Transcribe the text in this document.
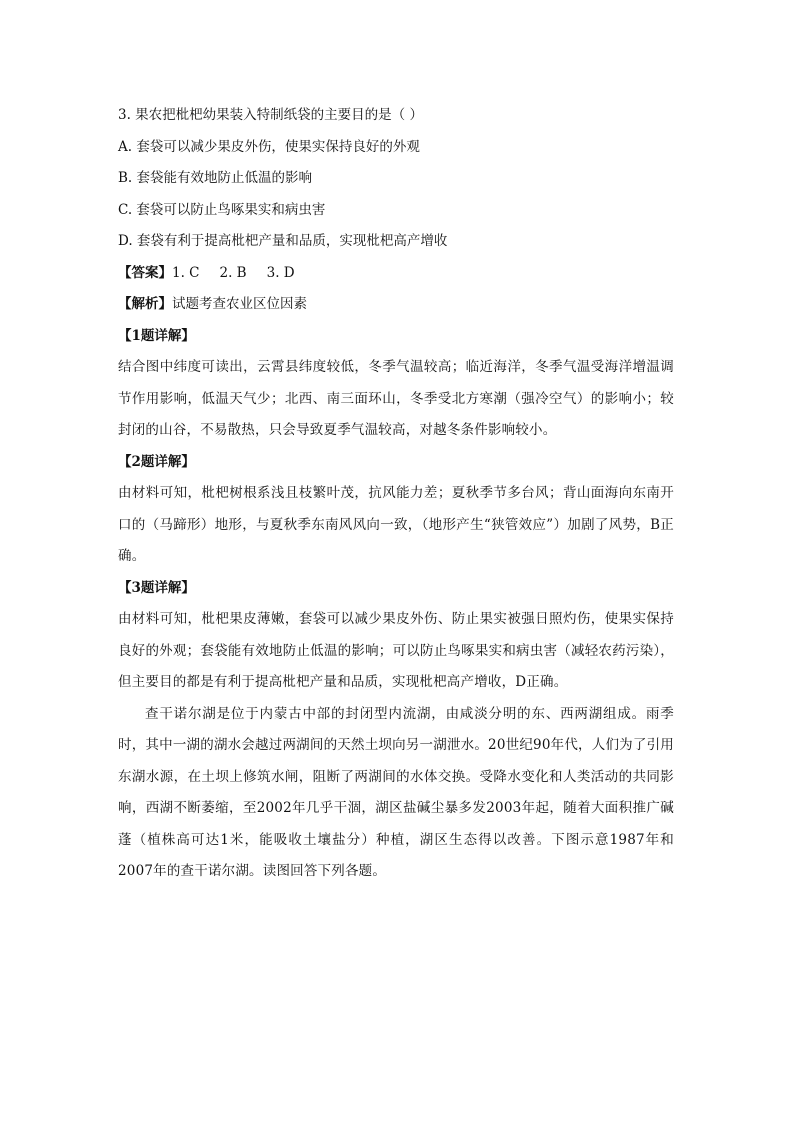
3. 果农把枇杷幼果装入特制纸袋的主要目的是（ ）

A. 套袋可以减少果皮外伤，使果实保持良好的外观

B. 套袋能有效地防止低温的影响

C. 套袋可以防止鸟啄果实和病虫害

D. 套袋有利于提高枇杷产量和品质，实现枇杷高产增收

【答案】1. C 2. B 3. D

【解析】试题考查农业区位因素

【1题详解】

结合图中纬度可读出，云霄县纬度较低，冬季气温较高；临近海洋，冬季气温受海洋增温调节作用影响，低温天气少；北西、南三面环山，冬季受北方寒潮（强冷空气）的影响小；较封闭的山谷，不易散热，只会导致夏季气温较高，对越冬条件影响较小。

【2题详解】

由材料可知，枇杷树根系浅且枝繁叶茂，抗风能力差；夏秋季节多台风；背山面海向东南开口的（马蹄形）地形，与夏秋季东南风风向一致，（地形产生“狭管效应”）加剧了风势，B正确。

【3题详解】

由材料可知，枇杷果皮薄嫩，套袋可以减少果皮外伤、防止果实被强日照灼伤，使果实保持良好的外观；套袋能有效地防止低温的影响；可以防止鸟啄果实和病虫害（减轻农药污染），但主要目的都是有利于提高枇杷产量和品质，实现枇杷高产增收，D正确。

查干诺尔湖是位于内蒙古中部的封闭型内流湖，由咸淡分明的东、西两湖组成。雨季时，其中一湖的湖水会越过两湖间的天然土坝向另一湖泄水。20世纪90年代，人们为了引用东湖水源，在土坝上修筑水闸，阻断了两湖间的水体交换。受降水变化和人类活动的共同影响，西湖不断萎缩，至2002年几乎干涸，湖区盐碱尘暴多发2003年起，随着大面积推广碱蓬（植株高可达1米，能吸收土壤盐分）种植，湖区生态得以改善。下图示意1987年和2007年的查干诺尔湖。读图回答下列各题。
